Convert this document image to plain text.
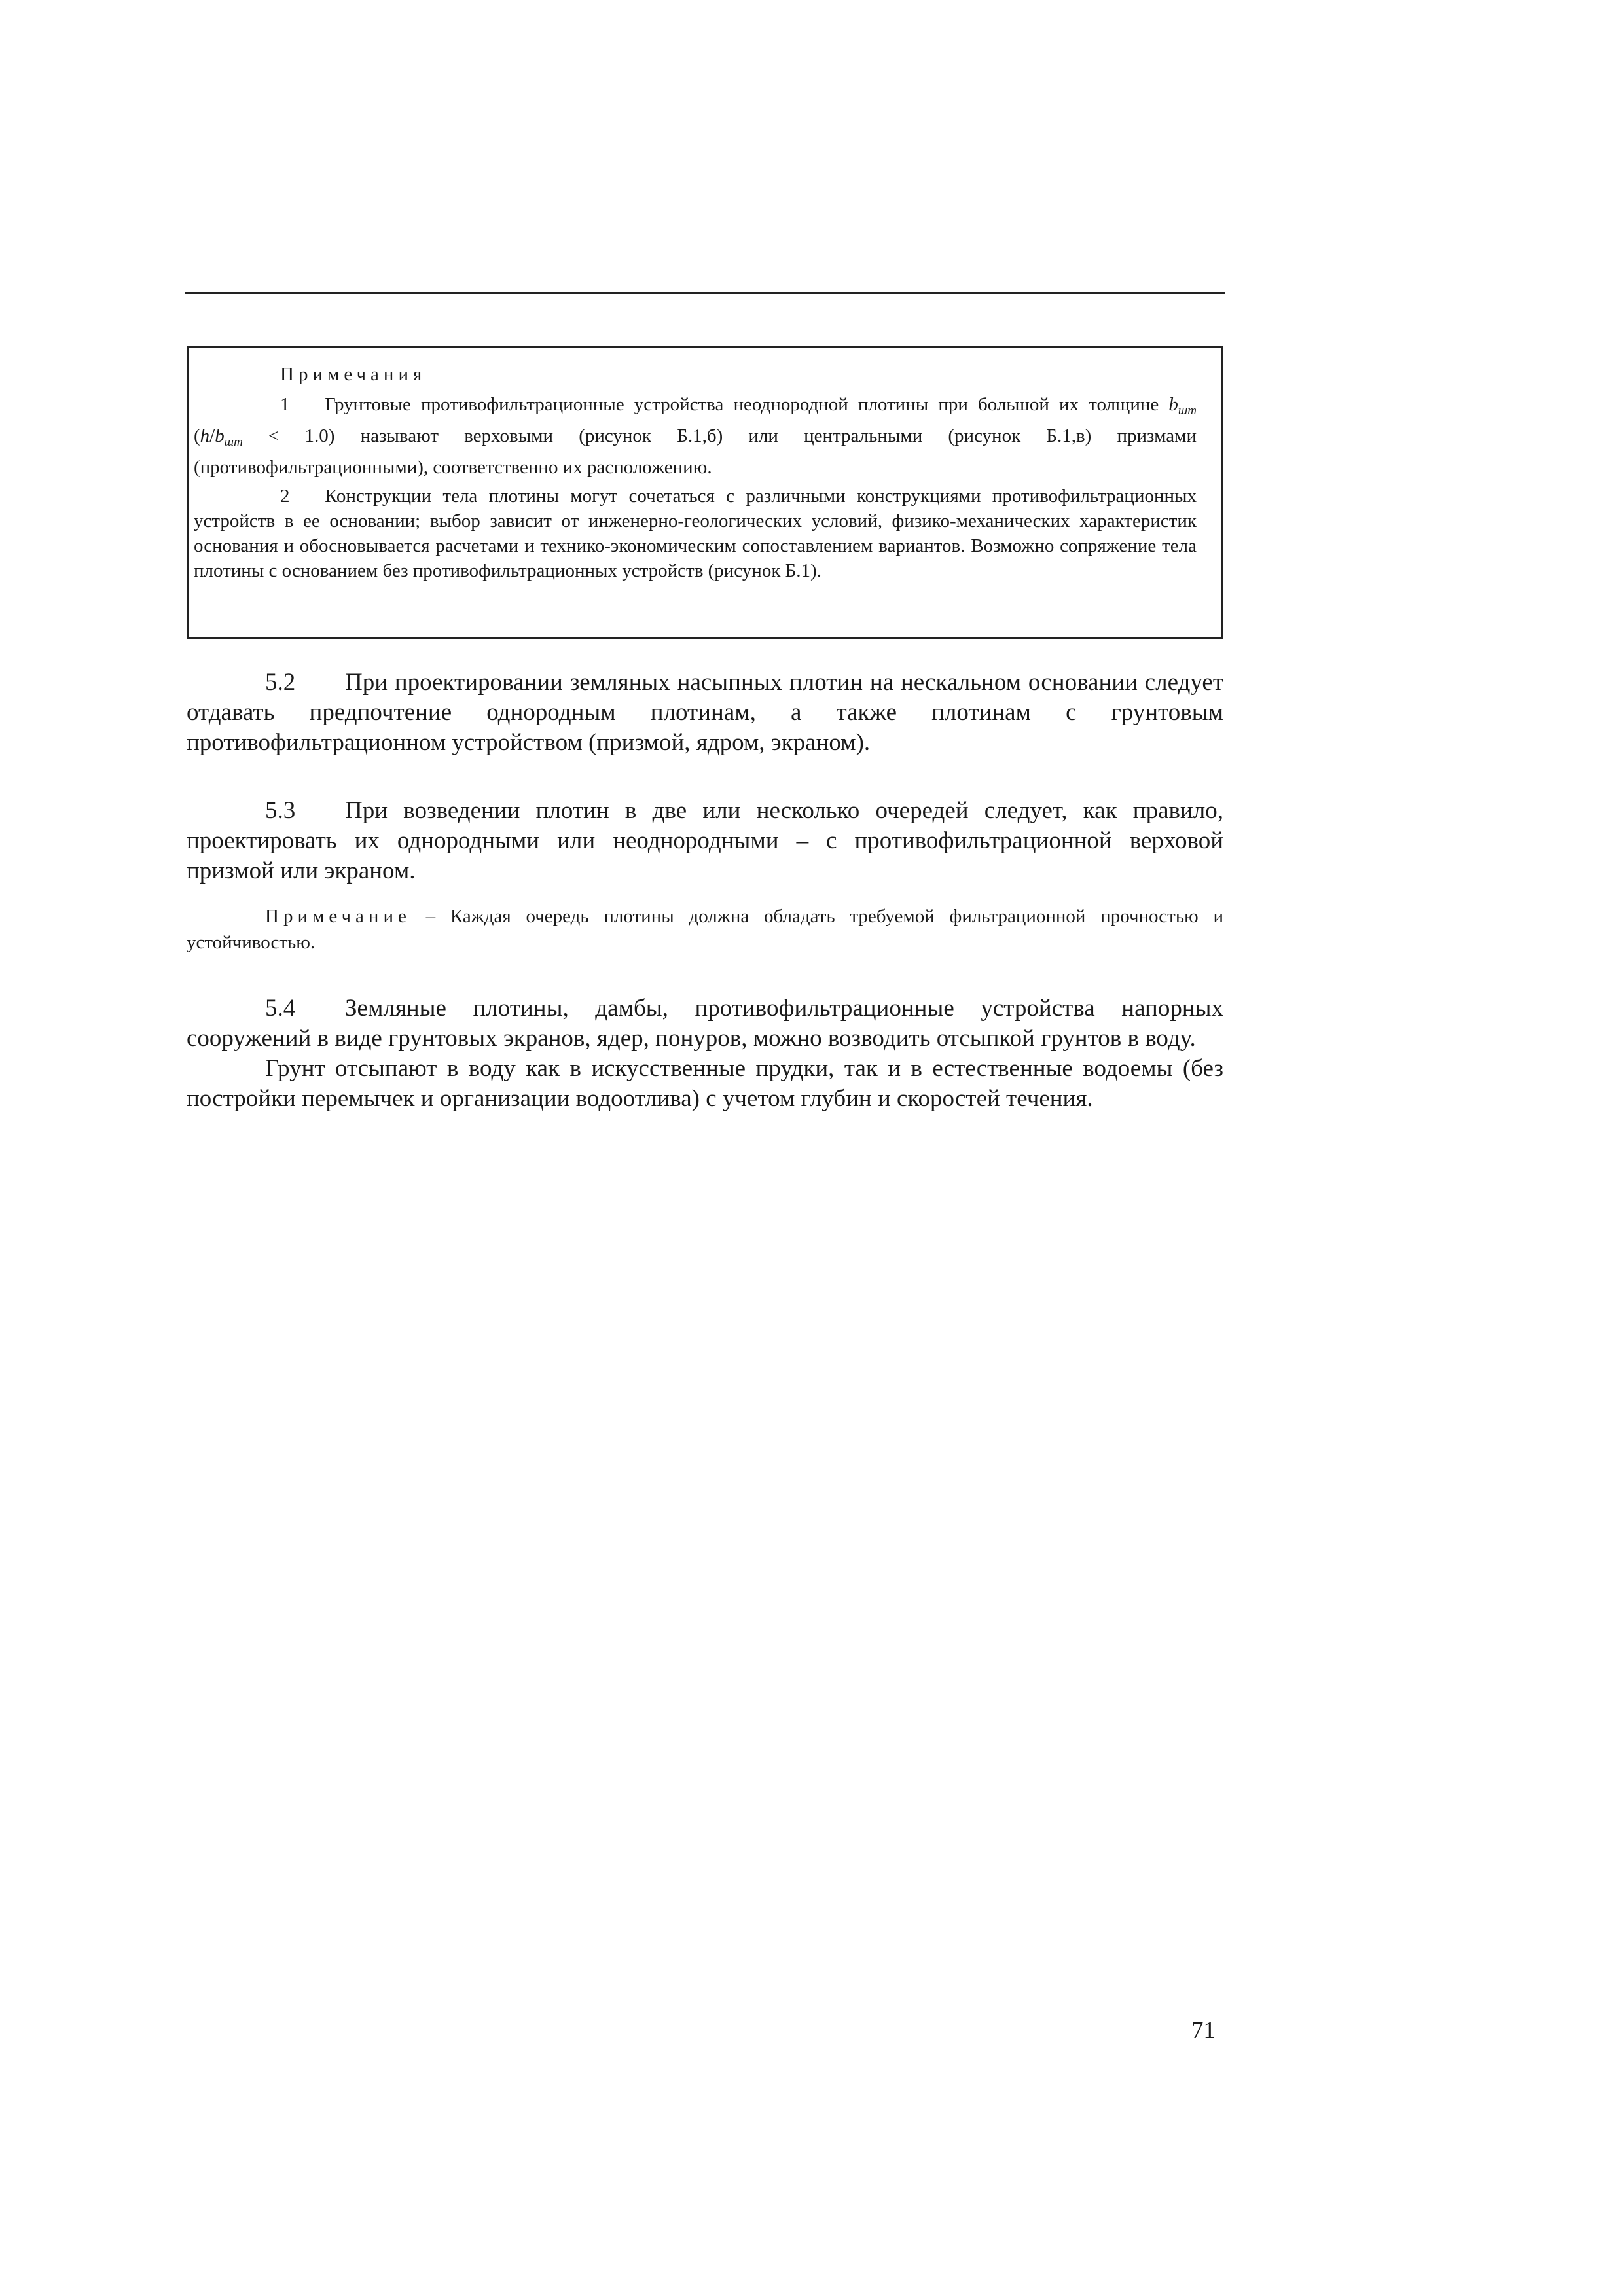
Примечания

1 Грунтовые противофильтрационные устройства неоднородной плотины при большой их толщине $b_{шт}$ $(h/b_{шт} < 1.0)$ называют верховыми (рисунок Б.1,б) или центральными (рисунок Б.1,в) призмами (противофильтрационными), соответственно их расположению.

2 Конструкции тела плотины могут сочетаться с различными конструкциями противофильтрационных устройств в ее основании; выбор зависит от инженерно-геологических условий, физико-механических характеристик основания и обосновывается расчетами и технико-экономическим сопоставлением вариантов. Возможно сопряжение тела плотины с основанием без противофильтрационных устройств (рисунок Б.1).

5.2 При проектировании земляных насыпных плотин на нескальном основании следует отдавать предпочтение однородным плотинам, а также плотинам с грунтовым противофильтрационном устройством (призмой, ядром, экраном).

5.3 При возведении плотин в две или несколько очередей следует, как правило, проектировать их однородными или неоднородными – с противофильтрационной верховой призмой или экраном.

Примечание – Каждая очередь плотины должна обладать требуемой фильтрационной прочностью и устойчивостью.

5.4 Земляные плотины, дамбы, противофильтрационные устройства напорных сооружений в виде грунтовых экранов, ядер, понуров, можно возводить отсыпкой грунтов в воду.

Грунт отсыпают в воду как в искусственные прудки, так и в естественные водоемы (без постройки перемычек и организации водоотлива) с учетом глубин и скоростей течения.

71
